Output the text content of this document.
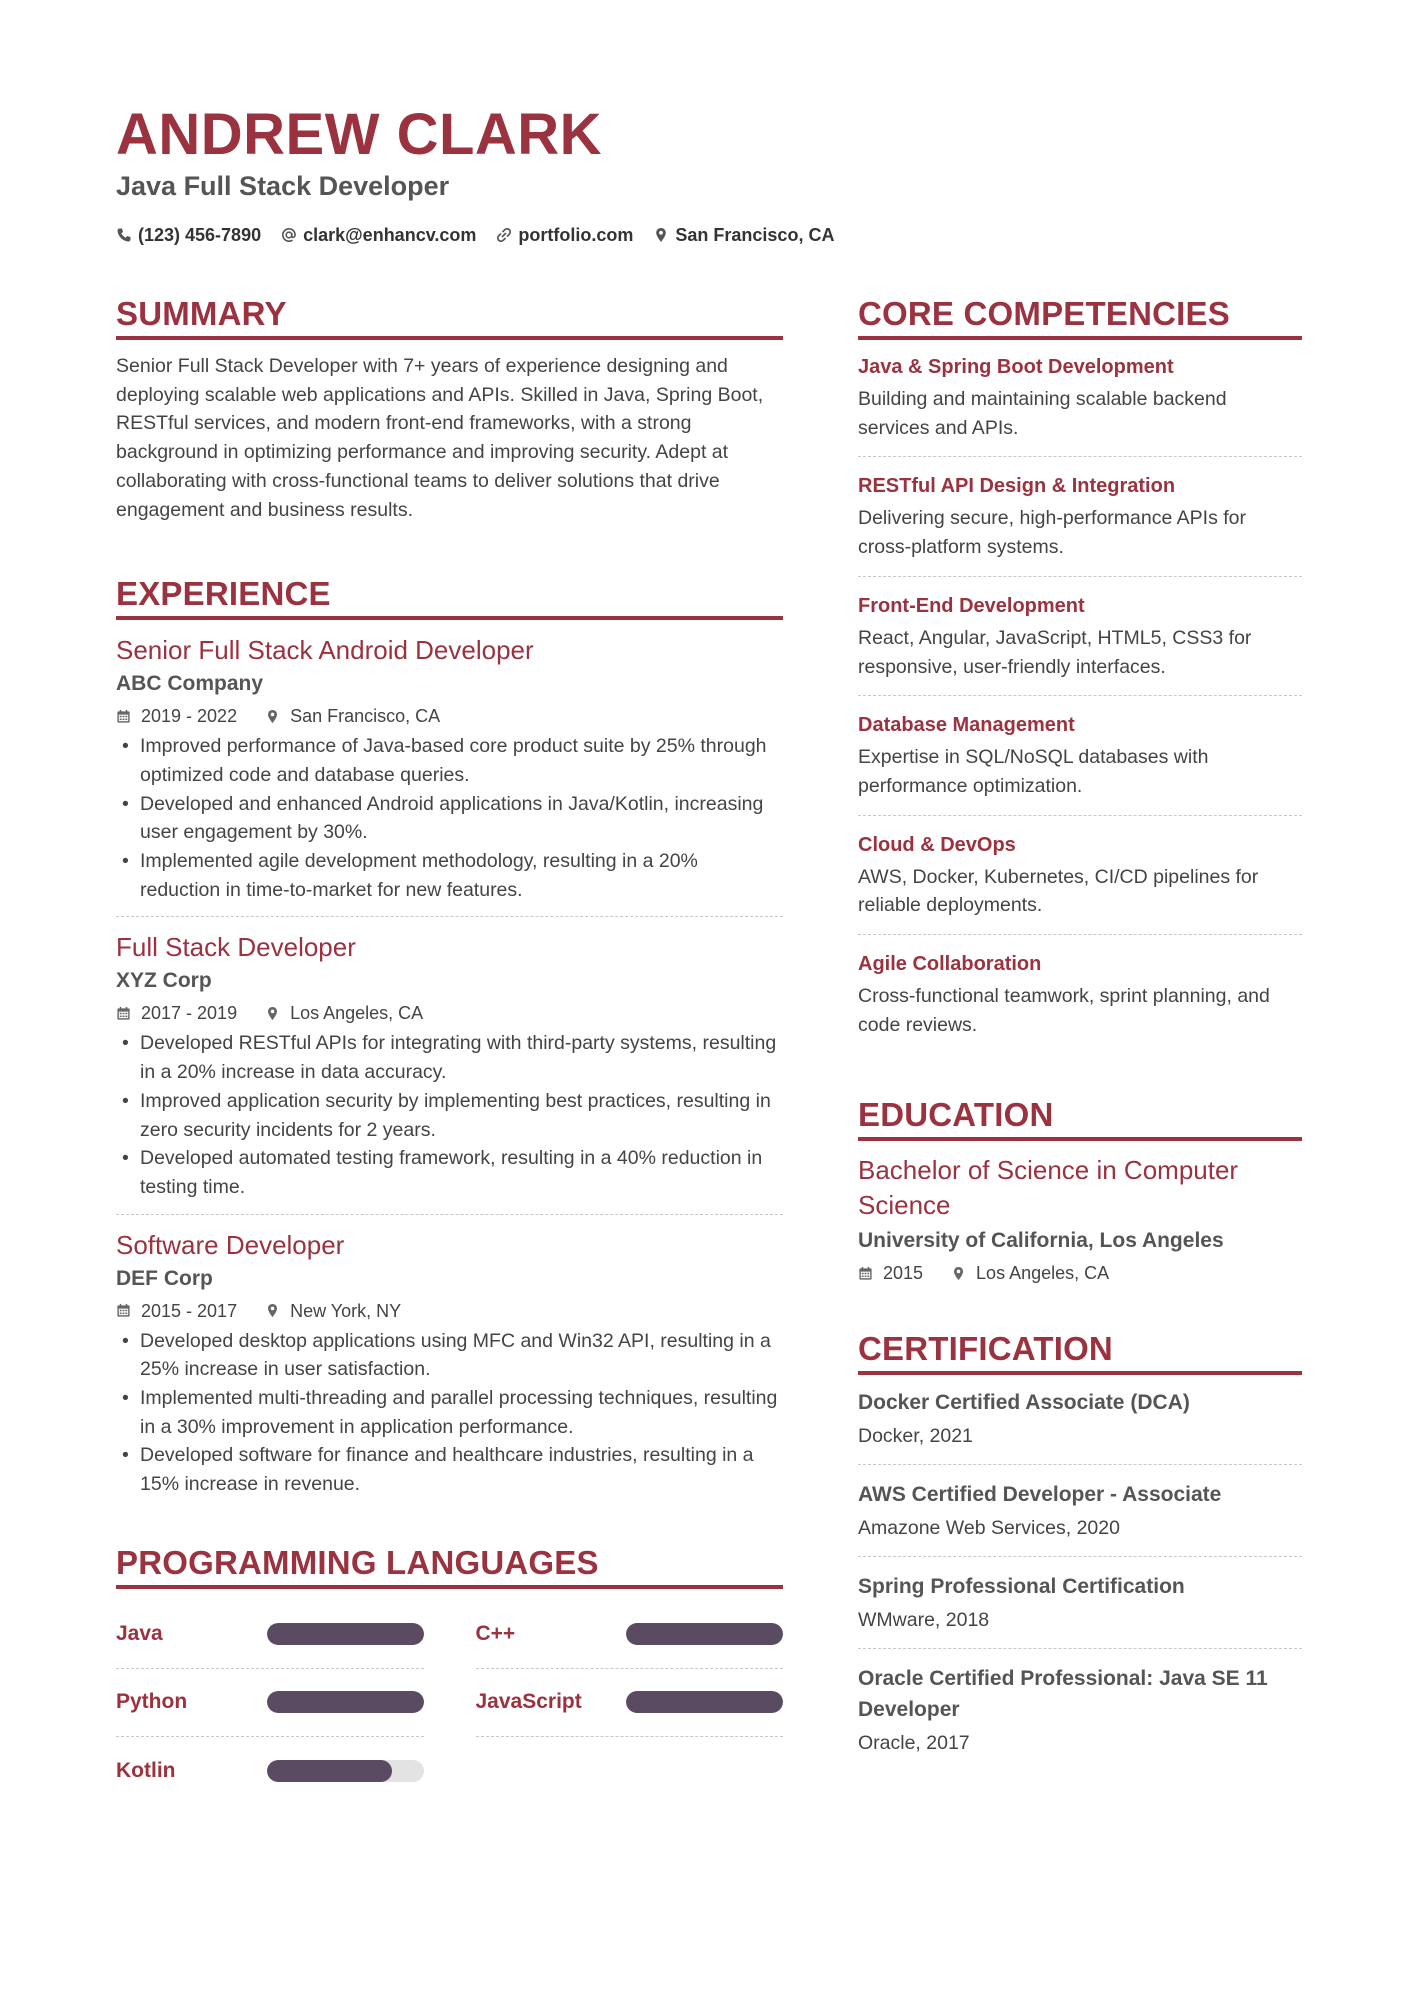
ANDREW CLARK
Java Full Stack Developer
(123) 456-7890 clark@enhancv.com portfolio.com San Francisco, CA
SUMMARY
Senior Full Stack Developer with 7+ years of experience designing and deploying scalable web applications and APIs. Skilled in Java, Spring Boot, RESTful services, and modern front-end frameworks, with a strong background in optimizing performance and improving security. Adept at collaborating with cross-functional teams to deliver solutions that drive engagement and business results.
EXPERIENCE
Senior Full Stack Android Developer
ABC Company
2019 - 2022	San Francisco, CA
• Improved performance of Java-based core product suite by 25% through optimized code and database queries.
• Developed and enhanced Android applications in Java/Kotlin, increasing user engagement by 30%.
• Implemented agile development methodology, resulting in a 20% reduction in time-to-market for new features.
Full Stack Developer
XYZ Corp
2017 - 2019	Los Angeles, CA
• Developed RESTful APIs for integrating with third-party systems, resulting in a 20% increase in data accuracy.
• Improved application security by implementing best practices, resulting in zero security incidents for 2 years.
• Developed automated testing framework, resulting in a 40% reduction in testing time.
Software Developer
DEF Corp
2015 - 2017	New York, NY
• Developed desktop applications using MFC and Win32 API, resulting in a 25% increase in user satisfaction.
• Implemented multi-threading and parallel processing techniques, resulting in a 30% improvement in application performance.
• Developed software for finance and healthcare industries, resulting in a 15% increase in revenue.
PROGRAMMING LANGUAGES
Java	C++
Python	JavaScript
Kotlin
CORE COMPETENCIES
Java & Spring Boot Development
Building and maintaining scalable backend services and APIs.
RESTful API Design & Integration
Delivering secure, high-performance APIs for cross-platform systems.
Front-End Development
React, Angular, JavaScript, HTML5, CSS3 for responsive, user-friendly interfaces.
Database Management
Expertise in SQL/NoSQL databases with performance optimization.
Cloud & DevOps
AWS, Docker, Kubernetes, CI/CD pipelines for reliable deployments.
Agile Collaboration
Cross-functional teamwork, sprint planning, and code reviews.
EDUCATION
Bachelor of Science in Computer Science
University of California, Los Angeles
2015	Los Angeles, CA
CERTIFICATION
Docker Certified Associate (DCA)
Docker, 2021
AWS Certified Developer - Associate
Amazone Web Services, 2020
Spring Professional Certification
WMware, 2018
Oracle Certified Professional: Java SE 11 Developer
Oracle, 2017
